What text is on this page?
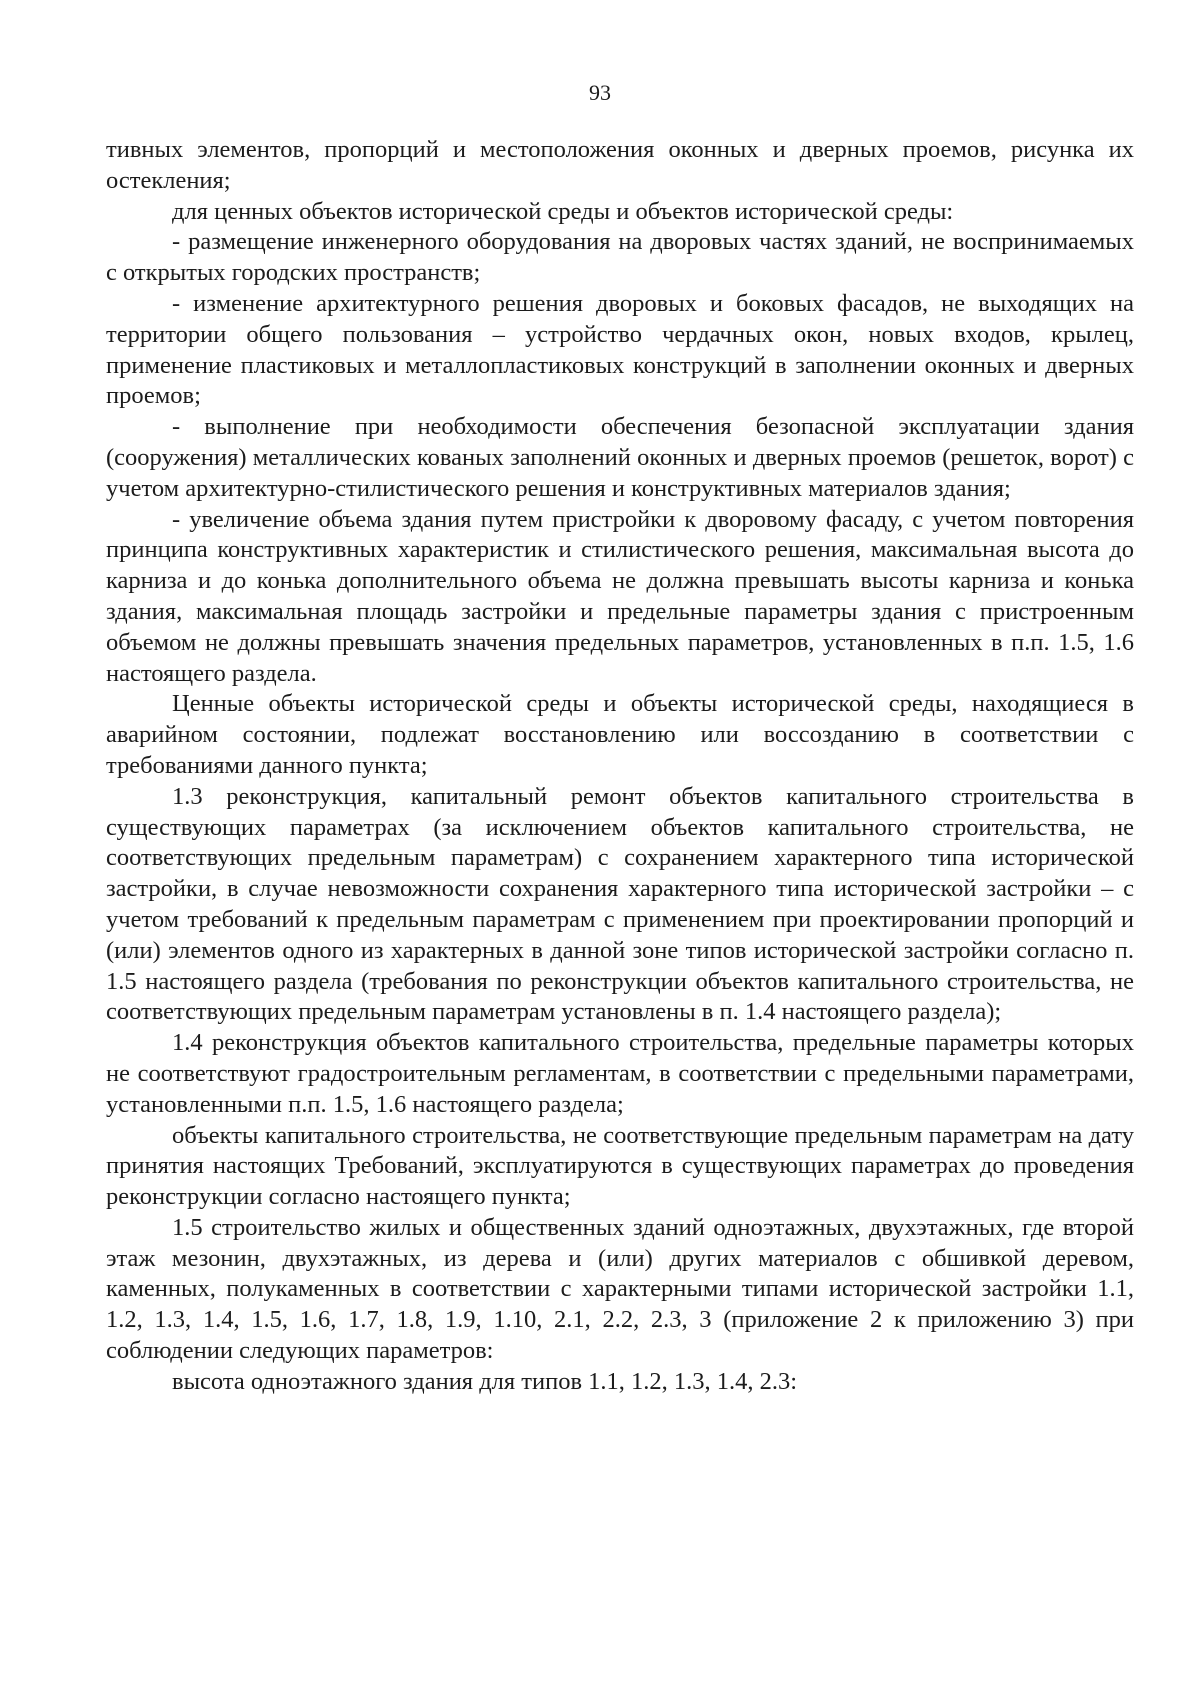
93

тивных элементов, пропорций и местоположения оконных и дверных проемов, рисунка их остекления;

для ценных объектов исторической среды и объектов исторической среды:

- размещение инженерного оборудования на дворовых частях зданий, не воспринимаемых с открытых городских пространств;

- изменение архитектурного решения дворовых и боковых фасадов, не выходящих на территории общего пользования – устройство чердачных окон, новых входов, крылец, применение пластиковых и металлопластиковых конструкций в заполнении оконных и дверных проемов;

- выполнение при необходимости обеспечения безопасной эксплуатации здания (сооружения) металлических кованых заполнений оконных и дверных проемов (решеток, ворот) с учетом архитектурно-стилистического решения и конструктивных материалов здания;

- увеличение объема здания путем пристройки к дворовому фасаду, с учетом повторения принципа конструктивных характеристик и стилистического решения, максимальная высота до карниза и до конька дополнительного объема не должна превышать высоты карниза и конька здания, максимальная площадь застройки и предельные параметры здания с пристроенным объемом не должны превышать значения предельных параметров, установленных в п.п. 1.5, 1.6 настоящего раздела.

Ценные объекты исторической среды и объекты исторической среды, находящиеся в аварийном состоянии, подлежат восстановлению или воссозданию в соответствии с требованиями данного пункта;

1.3 реконструкция, капитальный ремонт объектов капитального строительства в существующих параметрах (за исключением объектов капитального строительства, не соответствующих предельным параметрам) с сохранением характерного типа исторической застройки, в случае невозможности сохранения характерного типа исторической застройки – с учетом требований к предельным параметрам с применением при проектировании пропорций и (или) элементов одного из характерных в данной зоне типов исторической застройки согласно п. 1.5 настоящего раздела (требования по реконструкции объектов капитального строительства, не соответствующих предельным параметрам установлены в п. 1.4 настоящего раздела);

1.4 реконструкция объектов капитального строительства, предельные параметры которых не соответствуют градостроительным регламентам, в соответствии с предельными параметрами, установленными п.п. 1.5, 1.6 настоящего раздела;

объекты капитального строительства, не соответствующие предельным параметрам на дату принятия настоящих Требований, эксплуатируются в существующих параметрах до проведения реконструкции согласно настоящего пункта;

1.5 строительство жилых и общественных зданий одноэтажных, двухэтажных, где второй этаж мезонин, двухэтажных, из дерева и (или) других материалов с обшивкой деревом, каменных, полукаменных в соответствии с характерными типами исторической застройки 1.1, 1.2, 1.3, 1.4, 1.5, 1.6, 1.7, 1.8, 1.9, 1.10, 2.1, 2.2, 2.3, 3 (приложение 2 к приложению 3) при соблюдении следующих параметров:

высота одноэтажного здания для типов 1.1, 1.2, 1.3, 1.4, 2.3:
